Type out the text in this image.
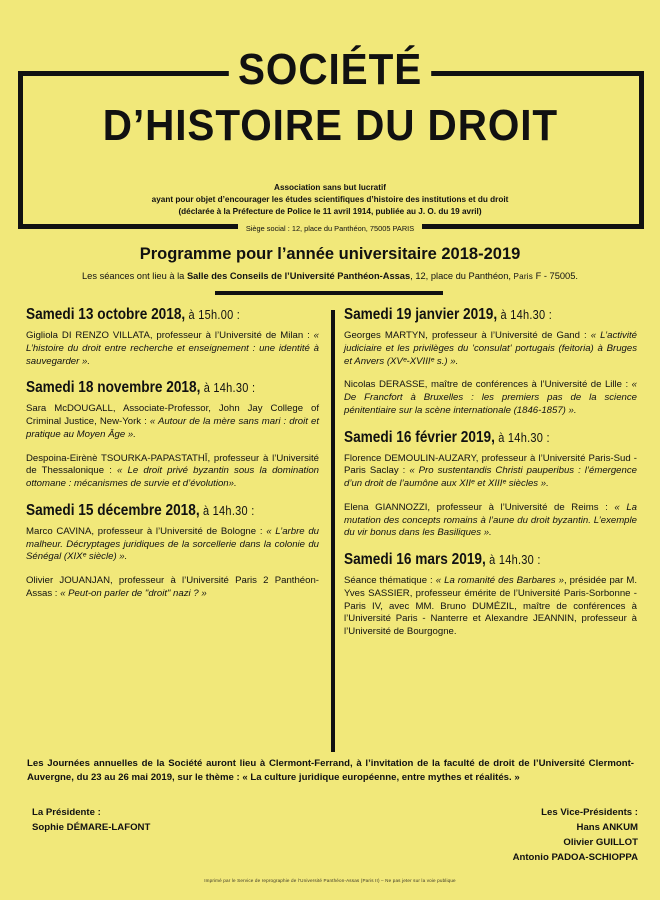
SOCIÉTÉ D’HISTOIRE DU DROIT
Association sans but lucratif
ayant pour objet d’encourager les études scientifiques d’histoire des institutions et du droit
(déclarée à la Préfecture de Police le 11 avril 1914, publiée au J. O. du 19 avril)
Siège social : 12, place du Panthéon, 75005 PARIS
Programme pour l’année universitaire 2018-2019
Les séances ont lieu à la Salle des Conseils de l’Université Panthéon-Assas, 12, place du Panthéon, Paris F - 75005.
Samedi 13 octobre 2018, à 15h.00 :
Gigliola DI RENZO VILLATA, professeur à l’Université de Milan : « L’histoire du droit entre recherche et enseignement : une identité à sauvegarder ».
Samedi 18 novembre 2018, à 14h.30 :
Sara McDOUGALL, Associate-Professor, John Jay College of Criminal Justice, New-York : « Autour de la mère sans mari : droit et pratique au Moyen Âge ».
Despoina-Eirènè TSOURKA-PAPASTATHĪ, professeur à l’Université de Thessalonique : « Le droit privé byzantin sous la domination ottomane : mécanismes de survie et d’évolution».
Samedi 15 décembre 2018, à 14h.30 :
Marco CAVINA, professeur à l’Université de Bologne : « L’arbre du malheur. Décryptages juridiques de la sorcellerie dans la colonie du Sénégal (XIXᵉ siècle) ».
Olivier JOUANJAN, professeur à l’Université Paris 2 Panthéon-Assas : « Peut-on parler de "droit" nazi ? »
Samedi 19 janvier 2019, à 14h.30 :
Georges MARTYN, professeur à l’Université de Gand : « L’activité judiciaire et les privilèges du 'consulat' portugais (feitoria) à Bruges et Anvers (XVᵉ-XVIIIᵉ s.) ».
Nicolas DERASSE, maître de conférences à l’Université de Lille : « De Francfort à Bruxelles : les premiers pas de la science pénitentiaire sur la scène internationale (1846-1857) ».
Samedi 16 février 2019, à 14h.30 :
Florence DEMOULIN-AUZARY, professeur à l’Université Paris-Sud - Paris Saclay : « Pro sustentandis Christi pauperibus : l’émergence d’un droit de l’aumône aux XIIᵉ et XIIIᵉ siècles ».
Elena GIANNOZZI, professeur à l’Université de Reims : « La mutation des concepts romains à l’aune du droit byzantin. L’exemple du vir bonus dans les Basiliques ».
Samedi 16 mars 2019, à 14h.30 :
Séance thématique : « La romanité des Barbares », présidée par M. Yves SASSIER, professeur émérite de l’Université Paris-Sorbonne - Paris IV, avec MM. Bruno DUMÉZIL, maître de conférences à l’Université Paris - Nanterre et Alexandre JEANNIN, professeur à l’Université de Bourgogne.
Les Journées annuelles de la Société auront lieu à Clermont-Ferrand, à l’invitation de la faculté de droit de l’Université Clermont-Auvergne, du 23 au 26 mai 2019, sur le thème : « La culture juridique européenne, entre mythes et réalités. »
La Présidente :
Sophie DÉMARE-LAFONT
Les Vice-Présidents :
Hans ANKUM
Olivier GUILLOT
Antonio PADOA-SCHIOPPA
Imprimé par le Service de reprographie de l’Université Panthéon-Assas (Paris II) – Ne pas jeter sur la voie publique
